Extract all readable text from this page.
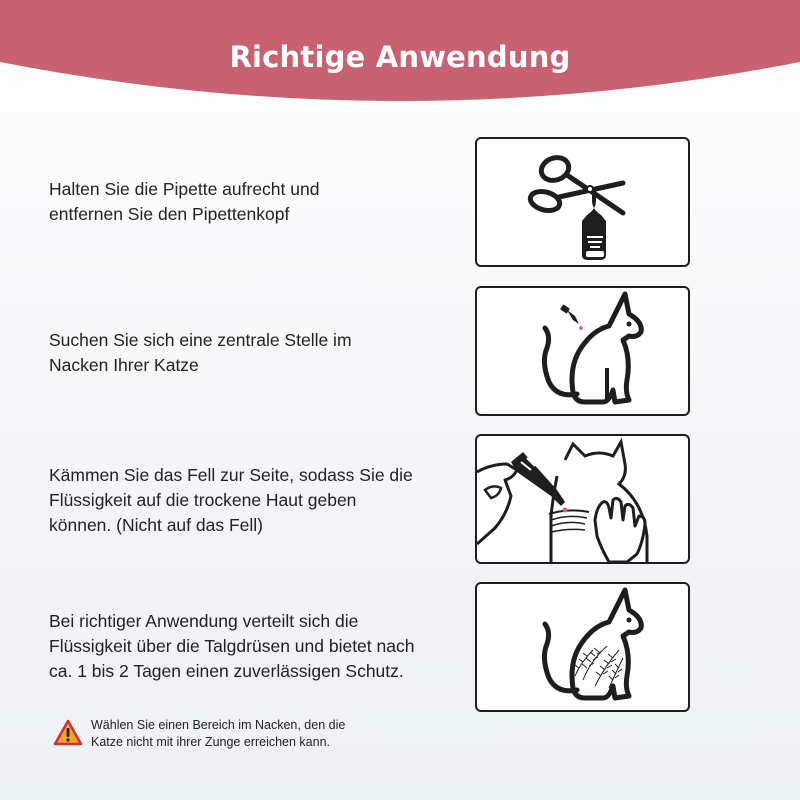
Richtige Anwendung
Halten Sie die Pipette aufrecht und
entfernen Sie den Pipettenkopf
Suchen Sie sich eine zentrale Stelle im
Nacken Ihrer Katze
Kämmen Sie das Fell zur Seite, sodass Sie die
Flüssigkeit auf die trockene Haut geben
können. (Nicht auf das Fell)
Bei richtiger Anwendung verteilt sich die
Flüssigkeit über die Talgdrüsen und bietet nach
ca. 1 bis 2 Tagen einen zuverlässigen Schutz.
Wählen Sie einen Bereich im Nacken, den die
Katze nicht mit ihrer Zunge erreichen kann.
